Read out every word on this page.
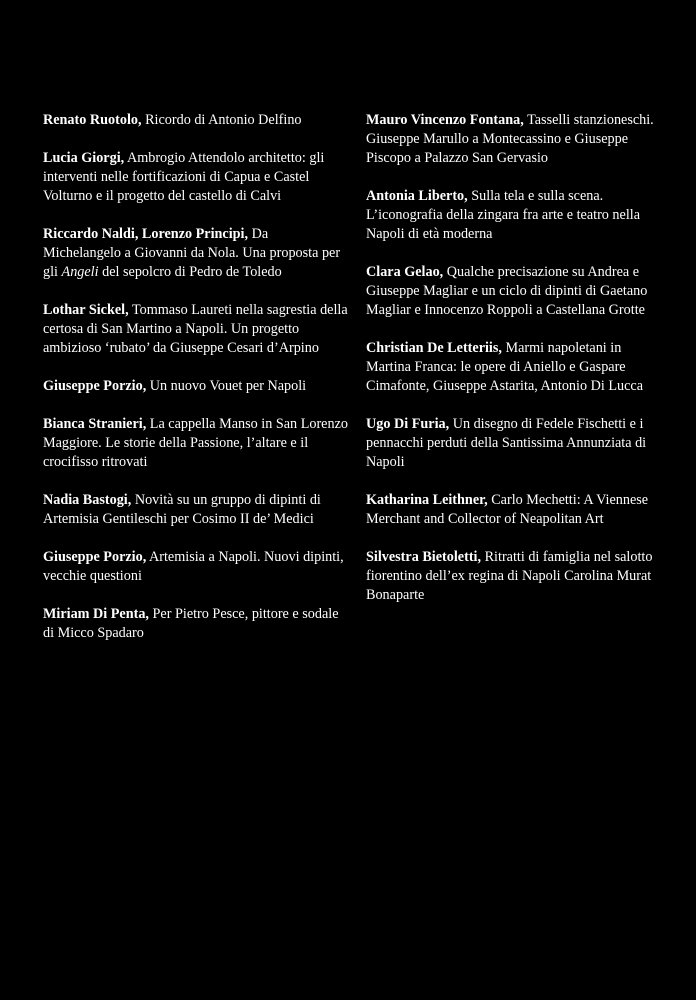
Renato Ruotolo, Ricordo di Antonio Delfino

Lucia Giorgi, Ambrogio Attendolo architetto: gli interventi nelle fortificazioni di Capua e Castel Volturno e il progetto del castello di Calvi

Riccardo Naldi, Lorenzo Principi, Da Michelangelo a Giovanni da Nola. Una proposta per gli Angeli del sepolcro di Pedro de Toledo

Lothar Sickel, Tommaso Laureti nella sagrestia della certosa di San Martino a Napoli. Un progetto ambizioso ‘rubato’ da Giuseppe Cesari d’Arpino

Giuseppe Porzio, Un nuovo Vouet per Napoli

Bianca Stranieri, La cappella Manso in San Lorenzo Maggiore. Le storie della Passione, l’altare e il crocifisso ritrovati

Nadia Bastogi, Novità su un gruppo di dipinti di Artemisia Gentileschi per Cosimo II de’ Medici

Giuseppe Porzio, Artemisia a Napoli. Nuovi dipinti, vecchie questioni

Miriam Di Penta, Per Pietro Pesce, pittore e sodale di Micco Spadaro

Mauro Vincenzo Fontana, Tasselli stanzioneschi. Giuseppe Marullo a Montecassino e Giuseppe Piscopo a Palazzo San Gervasio

Antonia Liberto, Sulla tela e sulla scena. L’iconografia della zingara fra arte e teatro nella Napoli di età moderna

Clara Gelao, Qualche precisazione su Andrea e Giuseppe Magliar e un ciclo di dipinti di Gaetano Magliar e Innocenzo Roppoli a Castellana Grotte

Christian De Letteriis, Marmi napoletani in Martina Franca: le opere di Aniello e Gaspare Cimafonte, Giuseppe Astarita, Antonio Di Lucca

Ugo Di Furia, Un disegno di Fedele Fischetti e i pennacchi perduti della Santissima Annunziata di Napoli

Katharina Leithner, Carlo Mechetti: A Viennese Merchant and Collector of Neapolitan Art

Silvestra Bietoletti, Ritratti di famiglia nel salotto fiorentino dell’ex regina di Napoli Carolina Murat Bonaparte
